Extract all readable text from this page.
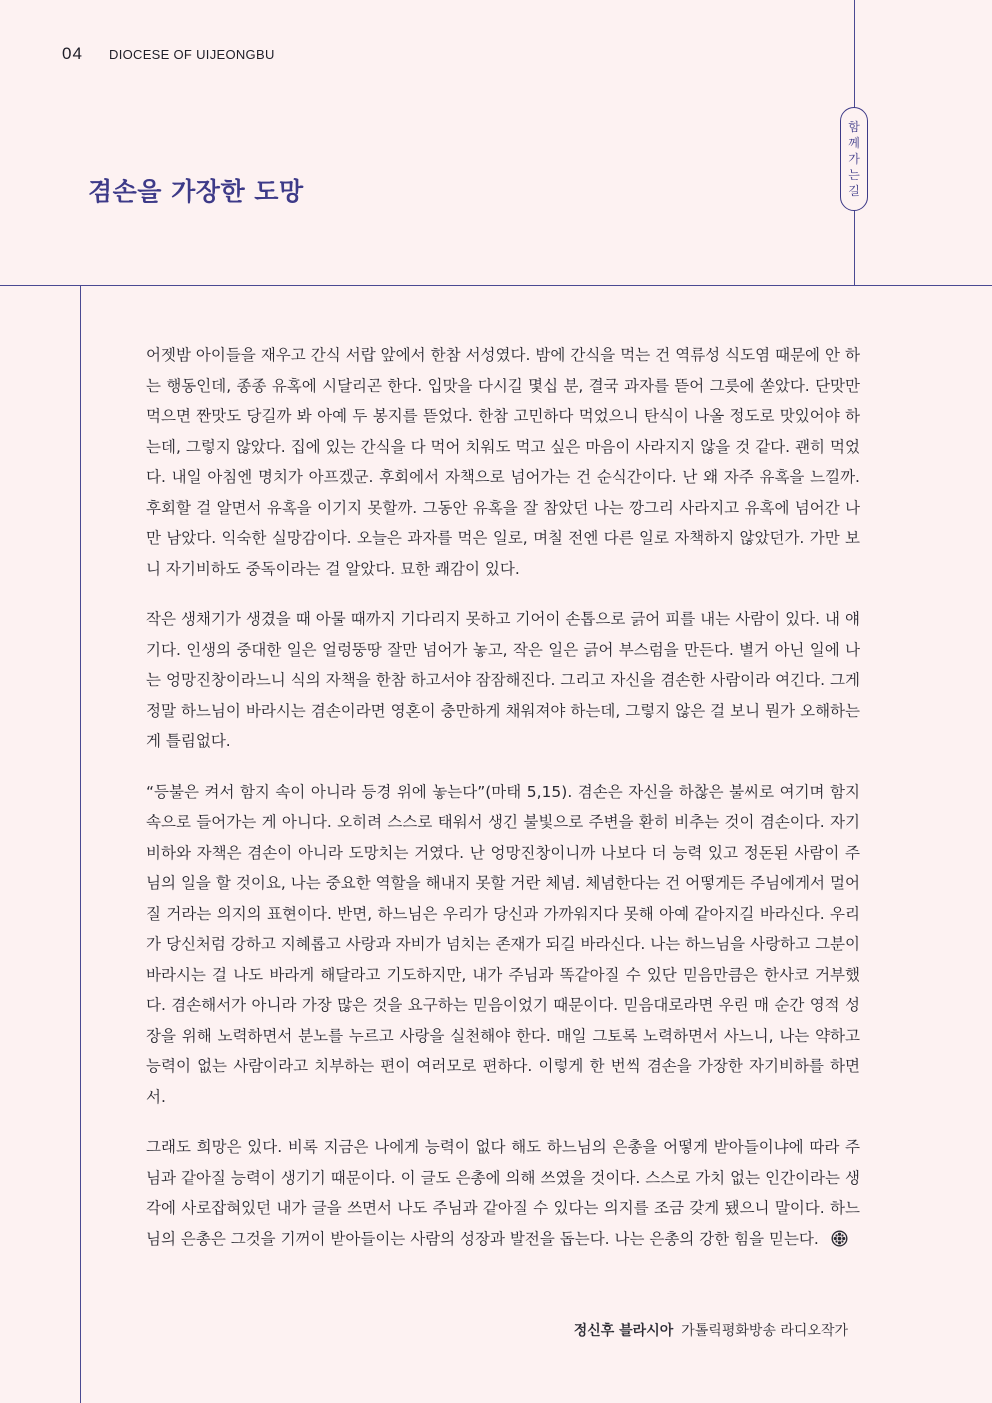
04 DIOCESE OF UIJEONGBU
겸손을 가장한 도망
함
께
가
는
길

어젯밤 아이들을 재우고 간식 서랍 앞에서 한참 서성였다. 밤에 간식을 먹는 건 역류성 식도염 때문에 안 하는 행동인데, 종종 유혹에 시달리곤 한다. 입맛을 다시길 몇십 분, 결국 과자를 뜯어 그릇에 쏟았다. 단맛만 먹으면 짠맛도 당길까 봐 아예 두 봉지를 뜯었다. 한참 고민하다 먹었으니 탄식이 나올 정도로 맛있어야 하는데, 그렇지 않았다. 집에 있는 간식을 다 먹어 치워도 먹고 싶은 마음이 사라지지 않을 것 같다. 괜히 먹었다. 내일 아침엔 명치가 아프겠군. 후회에서 자책으로 넘어가는 건 순식간이다. 난 왜 자주 유혹을 느낄까. 후회할 걸 알면서 유혹을 이기지 못할까. 그동안 유혹을 잘 참았던 나는 깡그리 사라지고 유혹에 넘어간 나만 남았다. 익숙한 실망감이다. 오늘은 과자를 먹은 일로, 며칠 전엔 다른 일로 자책하지 않았던가. 가만 보니 자기비하도 중독이라는 걸 알았다. 묘한 쾌감이 있다.

작은 생채기가 생겼을 때 아물 때까지 기다리지 못하고 기어이 손톱으로 긁어 피를 내는 사람이 있다. 내 얘기다. 인생의 중대한 일은 얼렁뚱땅 잘만 넘어가 놓고, 작은 일은 긁어 부스럼을 만든다. 별거 아닌 일에 나는 엉망진창이라느니 식의 자책을 한참 하고서야 잠잠해진다. 그리고 자신을 겸손한 사람이라 여긴다. 그게 정말 하느님이 바라시는 겸손이라면 영혼이 충만하게 채워져야 하는데, 그렇지 않은 걸 보니 뭔가 오해하는 게 틀림없다.

“등불은 켜서 함지 속이 아니라 등경 위에 놓는다”(마태 5,15). 겸손은 자신을 하찮은 불씨로 여기며 함지 속으로 들어가는 게 아니다. 오히려 스스로 태워서 생긴 불빛으로 주변을 환히 비추는 것이 겸손이다. 자기비하와 자책은 겸손이 아니라 도망치는 거였다. 난 엉망진창이니까 나보다 더 능력 있고 정돈된 사람이 주님의 일을 할 것이요, 나는 중요한 역할을 해내지 못할 거란 체념. 체념한다는 건 어떻게든 주님에게서 멀어질 거라는 의지의 표현이다. 반면, 하느님은 우리가 당신과 가까워지다 못해 아예 같아지길 바라신다. 우리가 당신처럼 강하고 지혜롭고 사랑과 자비가 넘치는 존재가 되길 바라신다. 나는 하느님을 사랑하고 그분이 바라시는 걸 나도 바라게 해달라고 기도하지만, 내가 주님과 똑같아질 수 있단 믿음만큼은 한사코 거부했다. 겸손해서가 아니라 가장 많은 것을 요구하는 믿음이었기 때문이다. 믿음대로라면 우린 매 순간 영적 성장을 위해 노력하면서 분노를 누르고 사랑을 실천해야 한다. 매일 그토록 노력하면서 사느니, 나는 약하고 능력이 없는 사람이라고 치부하는 편이 여러모로 편하다. 이렇게 한 번씩 겸손을 가장한 자기비하를 하면서.

그래도 희망은 있다. 비록 지금은 나에게 능력이 없다 해도 하느님의 은총을 어떻게 받아들이냐에 따라 주님과 같아질 능력이 생기기 때문이다. 이 글도 은총에 의해 쓰였을 것이다. 스스로 가치 없는 인간이라는 생각에 사로잡혀있던 내가 글을 쓰면서 나도 주님과 같아질 수 있다는 의지를 조금 갖게 됐으니 말이다. 하느님의 은총은 그것을 기꺼이 받아들이는 사람의 성장과 발전을 돕는다. 나는 은총의 강한 힘을 믿는다.

정신후 블라시아 가톨릭평화방송 라디오작가
